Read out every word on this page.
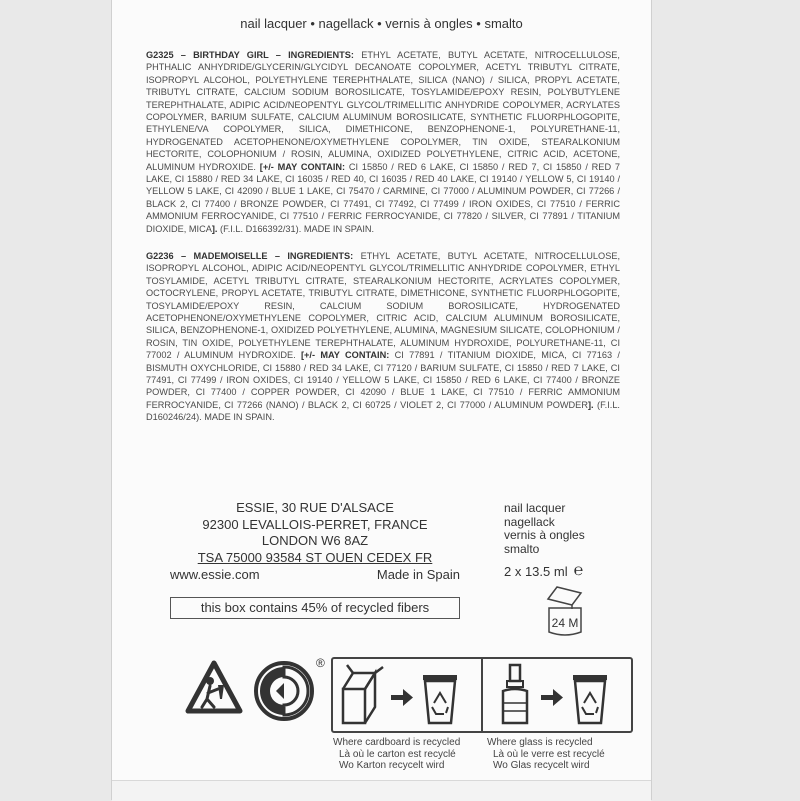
nail lacquer • nagellack • vernis à ongles • smalto
G2325 – BIRTHDAY GIRL – INGREDIENTS: ETHYL ACETATE, BUTYL ACETATE, NITROCELLULOSE, PHTHALIC ANHYDRIDE/GLYCERIN/GLYCIDYL DECANOATE COPOLYMER, ACETYL TRIBUTYL CITRATE, ISOPROPYL ALCOHOL, POLYETHYLENE TEREPHTHALATE, SILICA (NANO) / SILICA, PROPYL ACETATE, TRIBUTYL CITRATE, CALCIUM SODIUM BOROSILICATE, TOSYLAMIDE/EPOXY RESIN, POLYBUTYLENE TEREPHTHALATE, ADIPIC ACID/NEOPENTYL GLYCOL/TRIMELLITIC ANHYDRIDE COPOLYMER, ACRYLATES COPOLYMER, BARIUM SULFATE, CALCIUM ALUMINUM BOROSILICATE, SYNTHETIC FLUORPHLOGOPITE, ETHYLENE/VA COPOLYMER, SILICA, DIMETHICONE, BENZOPHENONE-1, POLYURETHANE-11, HYDROGENATED ACETOPHENONE/OXYMETHYLENE COPOLYMER, TIN OXIDE, STEARALKONIUM HECTORITE, COLOPHONIUM / ROSIN, ALUMINA, OXIDIZED POLYETHYLENE, CITRIC ACID, ACETONE, ALUMINUM HYDROXIDE. [+/- MAY CONTAIN: CI 15850 / RED 6 LAKE, CI 15850 / RED 7, CI 15850 / RED 7 LAKE, CI 15880 / RED 34 LAKE, CI 16035 / RED 40, CI 16035 / RED 40 LAKE, CI 19140 / YELLOW 5, CI 19140 / YELLOW 5 LAKE, CI 42090 / BLUE 1 LAKE, CI 75470 / CARMINE, CI 77000 / ALUMINUM POWDER, CI 77266 / BLACK 2, CI 77400 / BRONZE POWDER, CI 77491, CI 77492, CI 77499 / IRON OXIDES, CI 77510 / FERRIC AMMONIUM FERROCYANIDE, CI 77510 / FERRIC FERROCYANIDE, CI 77820 / SILVER, CI 77891 / TITANIUM DIOXIDE, MICA]. (F.I.L. D166392/31). MADE IN SPAIN.
G2236 – MADEMOISELLE – INGREDIENTS: ETHYL ACETATE, BUTYL ACETATE, NITROCELLULOSE, ISOPROPYL ALCOHOL, ADIPIC ACID/NEOPENTYL GLYCOL/TRIMELLITIC ANHYDRIDE COPOLYMER, ETHYL TOSYLAMIDE, ACETYL TRIBUTYL CITRATE, STEARALKONIUM HECTORITE, ACRYLATES COPOLYMER, OCTOCRYLENE, PROPYL ACETATE, TRIBUTYL CITRATE, DIMETHICONE, SYNTHETIC FLUORPHLOGOPITE, TOSYLAMIDE/EPOXY RESIN, CALCIUM SODIUM BOROSILICATE, HYDROGENATED ACETOPHENONE/OXYMETHYLENE COPOLYMER, CITRIC ACID, CALCIUM ALUMINUM BOROSILICATE, SILICA, BENZOPHENONE-1, OXIDIZED POLYETHYLENE, ALUMINA, MAGNESIUM SILICATE, COLOPHONIUM / ROSIN, TIN OXIDE, POLYETHYLENE TEREPHTHALATE, ALUMINUM HYDROXIDE, POLYURETHANE-11, CI 77002 / ALUMINUM HYDROXIDE. [+/- MAY CONTAIN: CI 77891 / TITANIUM DIOXIDE, MICA, CI 77163 / BISMUTH OXYCHLORIDE, CI 15880 / RED 34 LAKE, CI 77120 / BARIUM SULFATE, CI 15850 / RED 7 LAKE, CI 77491, CI 77499 / IRON OXIDES, CI 19140 / YELLOW 5 LAKE, CI 15850 / RED 6 LAKE, CI 77400 / BRONZE POWDER, CI 77400 / COPPER POWDER, CI 42090 / BLUE 1 LAKE, CI 77510 / FERRIC AMMONIUM FERROCYANIDE, CI 77266 (NANO) / BLACK 2, CI 60725 / VIOLET 2, CI 77000 / ALUMINUM POWDER]. (F.I.L. D160246/24). MADE IN SPAIN.
ESSIE, 30 RUE D'ALSACE
92300 LEVALLOIS-PERRET, FRANCE
LONDON W6 8AZ
TSA 75000 93584 ST OUEN CEDEX FR
www.essie.com	Made in Spain
this box contains 45% of recycled fibers
nail lacquer
nagellack
vernis à ongles
smalto
2 x 13.5 ml ℮
24 M
®
Where cardboard is recycled
Là où le carton est recyclé
Wo Karton recycelt wird
Where glass is recycled
Là où le verre est recyclé
Wo Glas recycelt wird
